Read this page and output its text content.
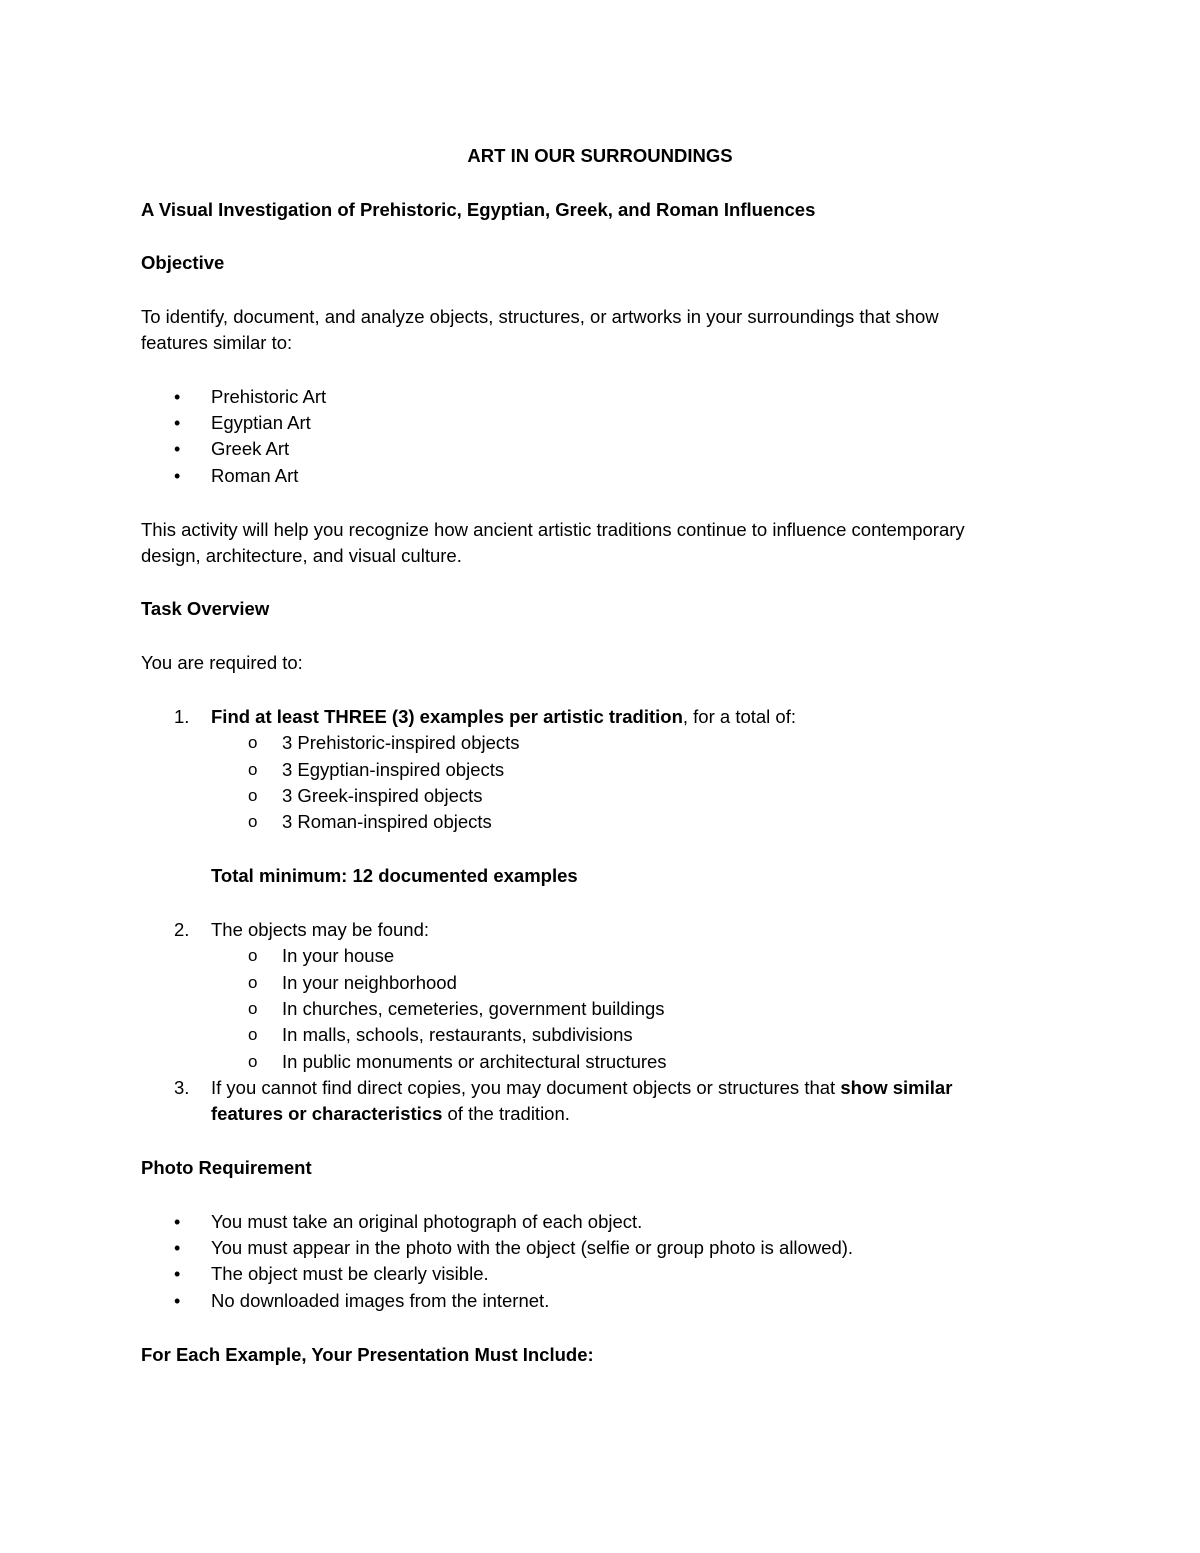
ART IN OUR SURROUNDINGS
A Visual Investigation of Prehistoric, Egyptian, Greek, and Roman Influences
Objective
To identify, document, and analyze objects, structures, or artworks in your surroundings that show
features similar to:
• Prehistoric Art
• Egyptian Art
• Greek Art
• Roman Art
This activity will help you recognize how ancient artistic traditions continue to influence contemporary
design, architecture, and visual culture.
Task Overview
You are required to:
1. Find at least THREE (3) examples per artistic tradition, for a total of:
o 3 Prehistoric-inspired objects
o 3 Egyptian-inspired objects
o 3 Greek-inspired objects
o 3 Roman-inspired objects
Total minimum: 12 documented examples
2. The objects may be found:
o In your house
o In your neighborhood
o In churches, cemeteries, government buildings
o In malls, schools, restaurants, subdivisions
o In public monuments or architectural structures
3. If you cannot find direct copies, you may document objects or structures that show similar
features or characteristics of the tradition.
Photo Requirement
• You must take an original photograph of each object.
• You must appear in the photo with the object (selfie or group photo is allowed).
• The object must be clearly visible.
• No downloaded images from the internet.
For Each Example, Your Presentation Must Include:
